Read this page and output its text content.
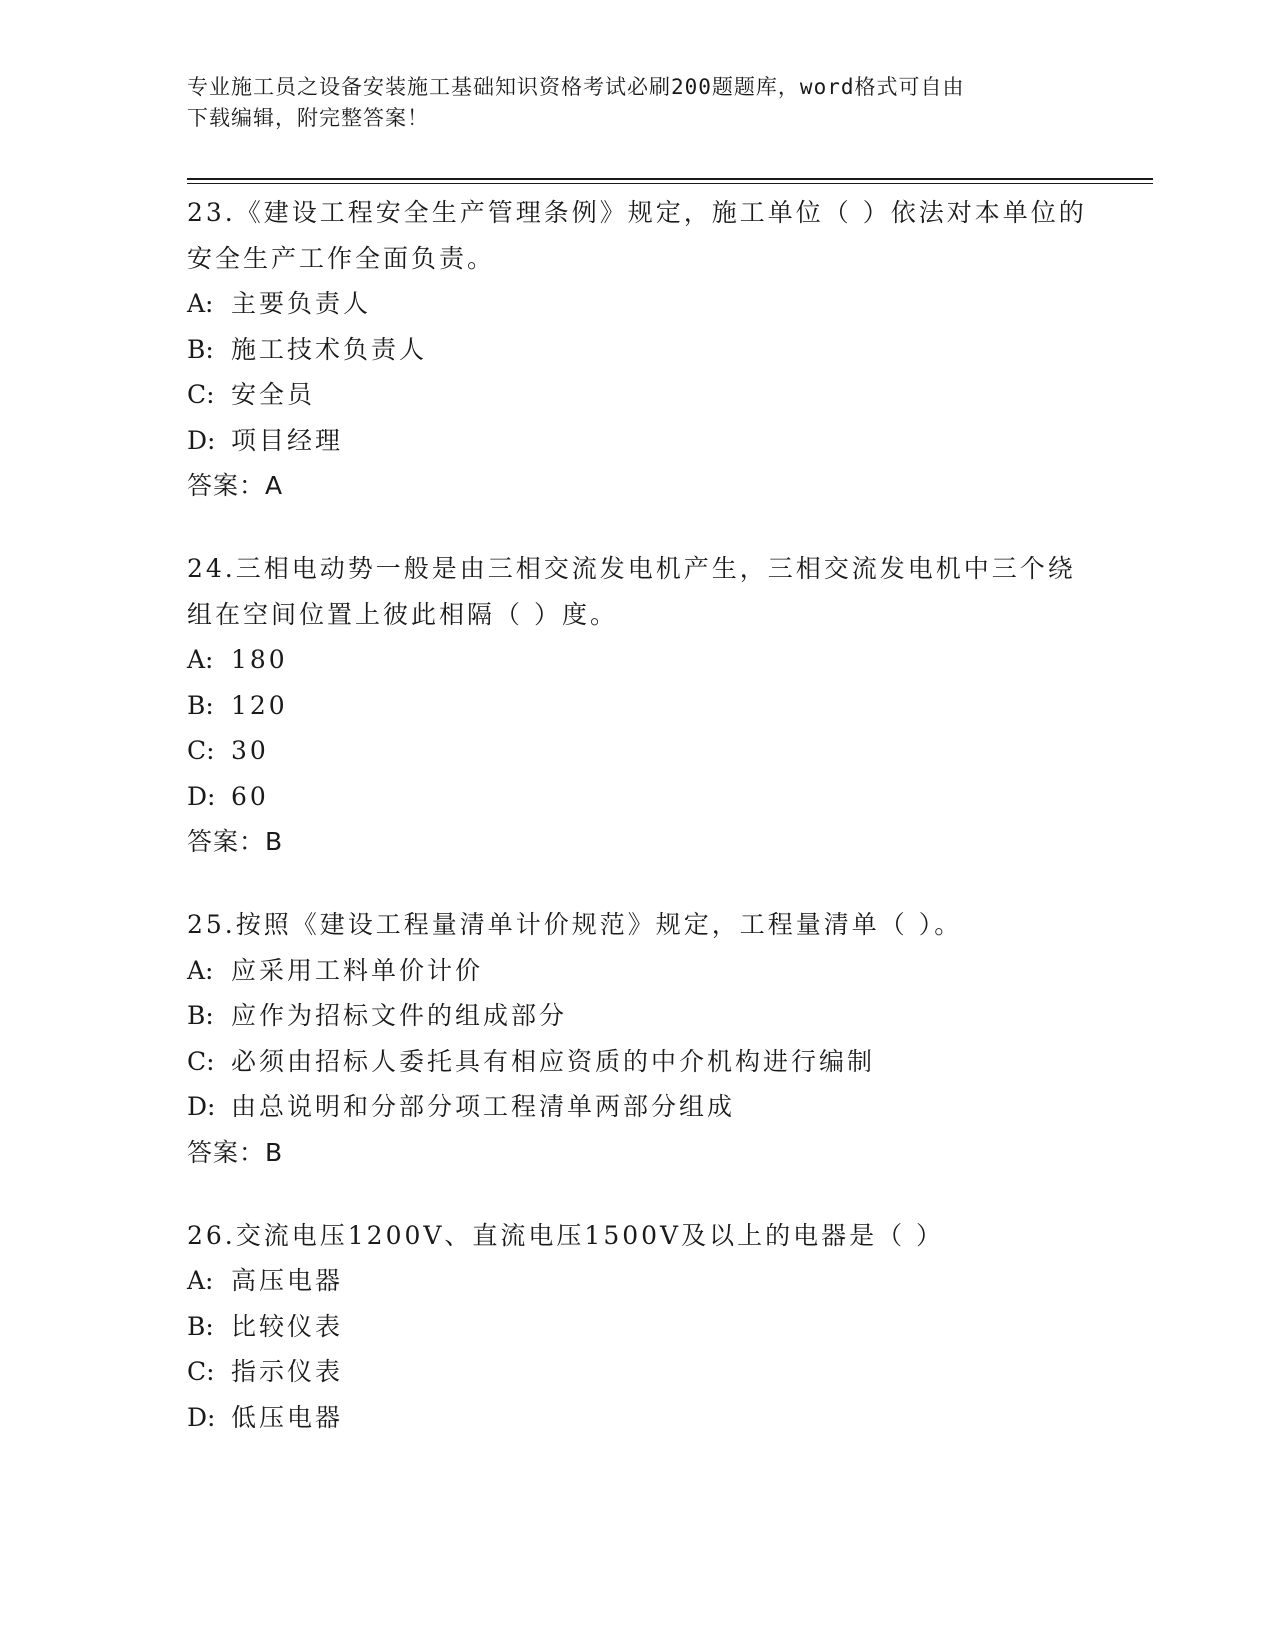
专业施工员之设备安装施工基础知识资格考试必刷200题题库，word格式可自由

下载编辑，附完整答案！

23.《建设工程安全生产管理条例》规定，施工单位（ ）依法对本单位的安全生产工作全面负责。

A: 主要负责人

B: 施工技术负责人

C: 安全员

D: 项目经理

答案：A

24.三相电动势一般是由三相交流发电机产生，三相交流发电机中三个绕组在空间位置上彼此相隔（ ）度。

A: 180

B: 120

C: 30

D: 60

答案：B

25.按照《建设工程量清单计价规范》规定，工程量清单（ ）。

A: 应采用工料单价计价

B: 应作为招标文件的组成部分

C: 必须由招标人委托具有相应资质的中介机构进行编制

D: 由总说明和分部分项工程清单两部分组成

答案：B

26.交流电压1200V、直流电压1500V及以上的电器是（ ）

A: 高压电器

B: 比较仪表

C: 指示仪表

D: 低压电器
